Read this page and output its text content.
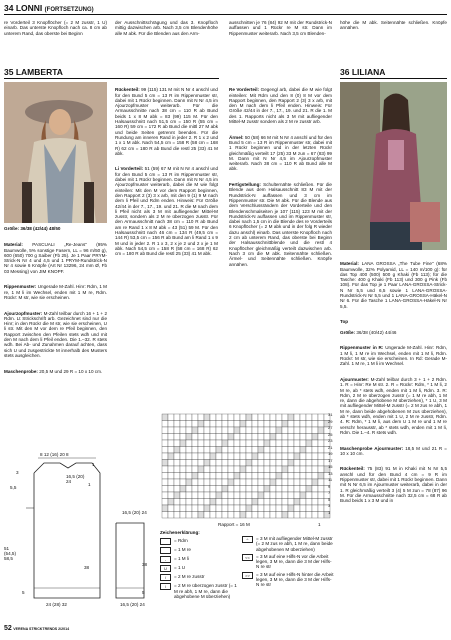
34 LONNI (FORTSETZUNG)
re Vorderteil 3 Knopflöcher (= 2 M zusstr, 1 U) einarb. Das unterste Knopfloch nach ca. 8 cm ab unterem Rand, das oberste bei Beginn
der Ausschnittschrägung und das 3. Knopfloch mittig dazwischen arb. Nach 3,5 cm Blendenhöhe alle M abk. Für die Blenden aus den Arm-
ausschnitten je 76 (84) 92 M mit der Rundstrick-N auffassen und 1 Rückr re M str. Dann im Rippenmuster weiterarb. Nach 3,5 cm Blenden-
höhe die M abk. Seitennähte schließen. Knöpfe annähen.
35 LAMBERTA	36 LILIANA
Größe: 36/38 (42/44) 48/50

Material: PASCUALI „Re-Jeans" (95% Baumwolle, 5% sonstige Fasern, LL = 96 m/50 g), 600 (650) 700 g Saiber (Fb 25). Je 1 Paar PRYM-Strick-N Nr 4 und 4,5 und 1 PRYM-Rundstrick-N Nr 4 sowie 6 Knöpfe (Art Nr 13296, 24 mm Ø, Fb 03 Messing) von JIM KNOPF.

Rippenmuster: Ungerade M-Zahl. Hinr: Rdm, 1 M re, 1 M li im Wechsel, enden mit 1 M re, Rdm. Rückr: M str, wie sie erscheinen.

Ajourzopfmuster: M-Zahl teilbar durch 16 + 1 + 2 Rdm. Lt Strickschrift arb. Gezeichnet sind nur die Hinr; in den Rückr die M str, wie sie erscheinen, U li str. Mit den M vor dem re Pfeil beginnen, den Rapport zwischen den Pfeilen stets wdh und mit den M nach dem li Pfeil enden. Die 1.–32. R stets wdh. Bei Ab- und Zunahmen darauf achten, dass sich U und zusgestrickte M innerhalb des Musters stets ausgleichen.

Maschenprobe: 20,5 M und 29 R = 10 x 10 cm.

Rückenteil: 99 (115) 131 M mit N Nr 4 anschl und für den Bund 5 cm = 13 R im Rippenmuster str, dabei mit 1 Rückr beginnen. Dann mit N Nr 4,5 im Ajourzopfmuster weiterarb. Für die Armausschnitte nach 38 cm = 110 R ab Bund beids 1 x 8 M abk = 83 (99) 115 M. Für den Halsausschnitt nach 51,5 cm = 150 R (55 cm = 160 R) 59 cm = 172 R ab Bund die mittl 27 M abk und beide Seiten getrennt beenden. Für die Rundung am inneren Rand in jeder 2. R 1 x 2 und 1 x 1 M abk. Nach 54,5 cm = 158 R (58 cm = 168 R) 62 cm = 180 R ab Bund die restl 25 (33) 41 M abk.

Li Vorderteil: 51 (59) 67 M mit N Nr 4 anschl und für den Bund 5 cm = 13 R im Rippenmuster str, dabei mit 1 Rückr beginnen. Dann mit N Nr 4,5 im Ajourzopfmuster weiterarb, dabei die M wie folgt einteilen: Mit den M vor dem Rapport beginnen, den Rapport 2 (3) 3 x arb, mit den 9 (1) 9 M nach dem li Pfeil und Rdm enden. Hinweis: Für Größe 42/44 in der 7., 17., 19. und 21. R die M nach dem li Pfeil nicht als 3 M mit aufliegender Mittel-M zusstr, sondern als 2 M re überzogen zusstr. Für den Armausschnitt nach 38 cm = 110 R ab Bund am re Rand 1 x 8 M abk = 43 (51) 59 M. Für den Halsausschnitt nach 46 cm = 134 R (49,5 cm = 144 R) 53,5 cm = 156 R ab Bund am li Rand 1 x 9 M und in jeder 2. R 1 x 3, 2 x je 2 und 2 x je 1 M abk. Nach 54,5 cm = 158 R (58 cm = 168 R) 62 cm = 180 R ab Bund die restl 25 (33) 41 M abk.

Re Vorderteil: Gegengl arb, dabei die M wie folgt einteilen: Mit Rdm und den 8 (0) 8 M vor dem Rapport beginnen, den Rapport 2 (3) 3 x arb, mit den M nach dem li Pfeil enden. Hinweis: Für Größe 42/44 in der 7., 17., 19. und 21. R die 1. M des 1. Rapports nicht als 3 M mit aufliegender Mittel-M zusstr sondern als 2 M re zusstr arb.

Ärmel: 50 (58) 66 M mit N Nr 4 anschl und für den Bund 5 cm = 13 R im Rippenmuster str, dabei mit 1 Rückr beginnen und in der letzten Rückr gleichmäßig verteilt 17 (25) 33 M zun = 67 (83) 99 M. Dann mit N Nr 4,5 im Ajourzopfmuster weiterarb. Nach 38 cm = 110 R ab Bund alle M abk.

Fertigstellung: Schulternähte schließen. Für die Blende aus dem Halsausschnitt 83 M mit der Rundstrick-N auffassen und 3 cm im Rippenmuster str. Die M abk. Für die Blende aus dem Verschlussrändern der Vorderteile und den Blendenschmalseiten je 107 (115) 123 M mit der Rundstrick-N auffassen und im Rippenmuster str, dabei nach 1,5 cm in die Blende des re Vorderteils 6 Knopflöcher (= 2 M abk und in der folg R wieder dazu anschl) einarb. Das unterste Knopfloch nach 2 cm ab unterem Rand, das oberste bei Beginn der Halsausschnittblende und die restl 4 Knopflöcher gleichmäßig verteilt dazwischen arb. Nach 3 cm die M abk. Seitennähte schließen. Ärmel- und Seitennähte schließen. Knöpfe annähen.

31
29
27
25
23
21
19
17
15
13
11
9
7
5
3
1
Rapport = 16 M	1
Zeichenerklärung:
= Rdm
= 1 M re
-	= 1 M li
U	= 1 U
/	= 2 M re zusstr
\	= 2 M re überzogen zusstr (= 1 M re abh, 1 M re, dann die abgehobene M überziehen)
^	= 3 M mit aufliegender Mittel-M zusstr (= 2 M zus re abh, 1 M re, dann beide abgehobenen M überziehen)
<<	= 3 M auf eine Hilfs-N vor die Arbeit legen, 3 M re, dann die 3 M der Hilfs-N re str
>>	= 3 M auf eine Hilfs-N hinter die Arbeit legen, 3 M re, dann die 3 M der Hilfs-N re str
8 12 (16) 20 8
1
3
5,5
51 (54,5) 58,5
38
24 (28) 32
5
16,5 (20) 24
1
16,5 (20) 24
38
5
16,5 (20) 24

Material: LANA GROSSA „The Tube Fine" (68% Baumwolle, 32% Polyamid, LL = 140 m/100 g): für das Top 400 (500) 500 g Khaki (Fb 113); für die Tasche: 400 g Khaki (Fb 113) und 300 g Pink (Fb 108). Für das Top je 1 Paar LANA-GROSSA-Strick-N Nr 5,5 und 6,5 sowie 1 LANA-GROSSA-Rundstrick-N Nr 5,5 und 1 LANA-GROSSA-Häkel-N Nr 6. Für die Tasche 1 LANA-GROSSA-Häkel-N Nr 5,5.

Top

Größe: 36/38 (40/42) 44/46

Rippenmuster in R: Ungerade M-Zahl. Hinr: Rdm, 1 M li, 1 M re im Wechsel, enden mit 1 M li, Rdm. Rückr: M str, wie sie erscheinen. In Rd: Gerade M-Zahl. 1 M re, 1 M li im Wechsel.

Ajourmuster: M-Zahl teilbar durch 3 + 1 + 2 Rdm. 1. R = Hinr: Re M str. 2. R = Rückr: Rdm, * 1 M li, 2 M re, ab * stets wdh, enden mit 1 M li, Rdm. 3. R: Rdm, 2 M re überzogen zusstr (= 1 M re abh, 1 M re, dann die abgehobene M überziehen), * 1 U, 3 M mit aufliegender Mittel-M zusstr (= 2 M zus re abh, 1 M re, dann beide abgehobenen M zus überziehen), ab * stets wdh, enden mit 1 U, 2 M re zusstr, Rdm. 4. R: Rdm, * 1 M li, aus dem U 1 M re und 1 M re verschr herausstr, ab * stets wdh, enden mit 1 M li, Rdm. Die 1.–4. R stets wdh.

Maschenprobe Ajourmuster: 18,5 M und 21 R = 10 x 10 cm.

Rückenteil: 75 (83) 91 M in Khaki mit N Nr 5,5 anschl und für den Bund 4 cm = 9 R im Rippenmuster str, dabei mit 1 Rückr beginnen. Dann mit N Nr 6,5 im Ajourmuster weiterarb, dabei in der 1. R gleichmäßig verteilt 3 (4) 5 M zun = 78 (87) 96 M. Für die Armausschnitte nach 32,5 cm = 68 R ab Bund beids 1 x 3 M und in

52 VERENA STRICKTRENDS 2/2014
